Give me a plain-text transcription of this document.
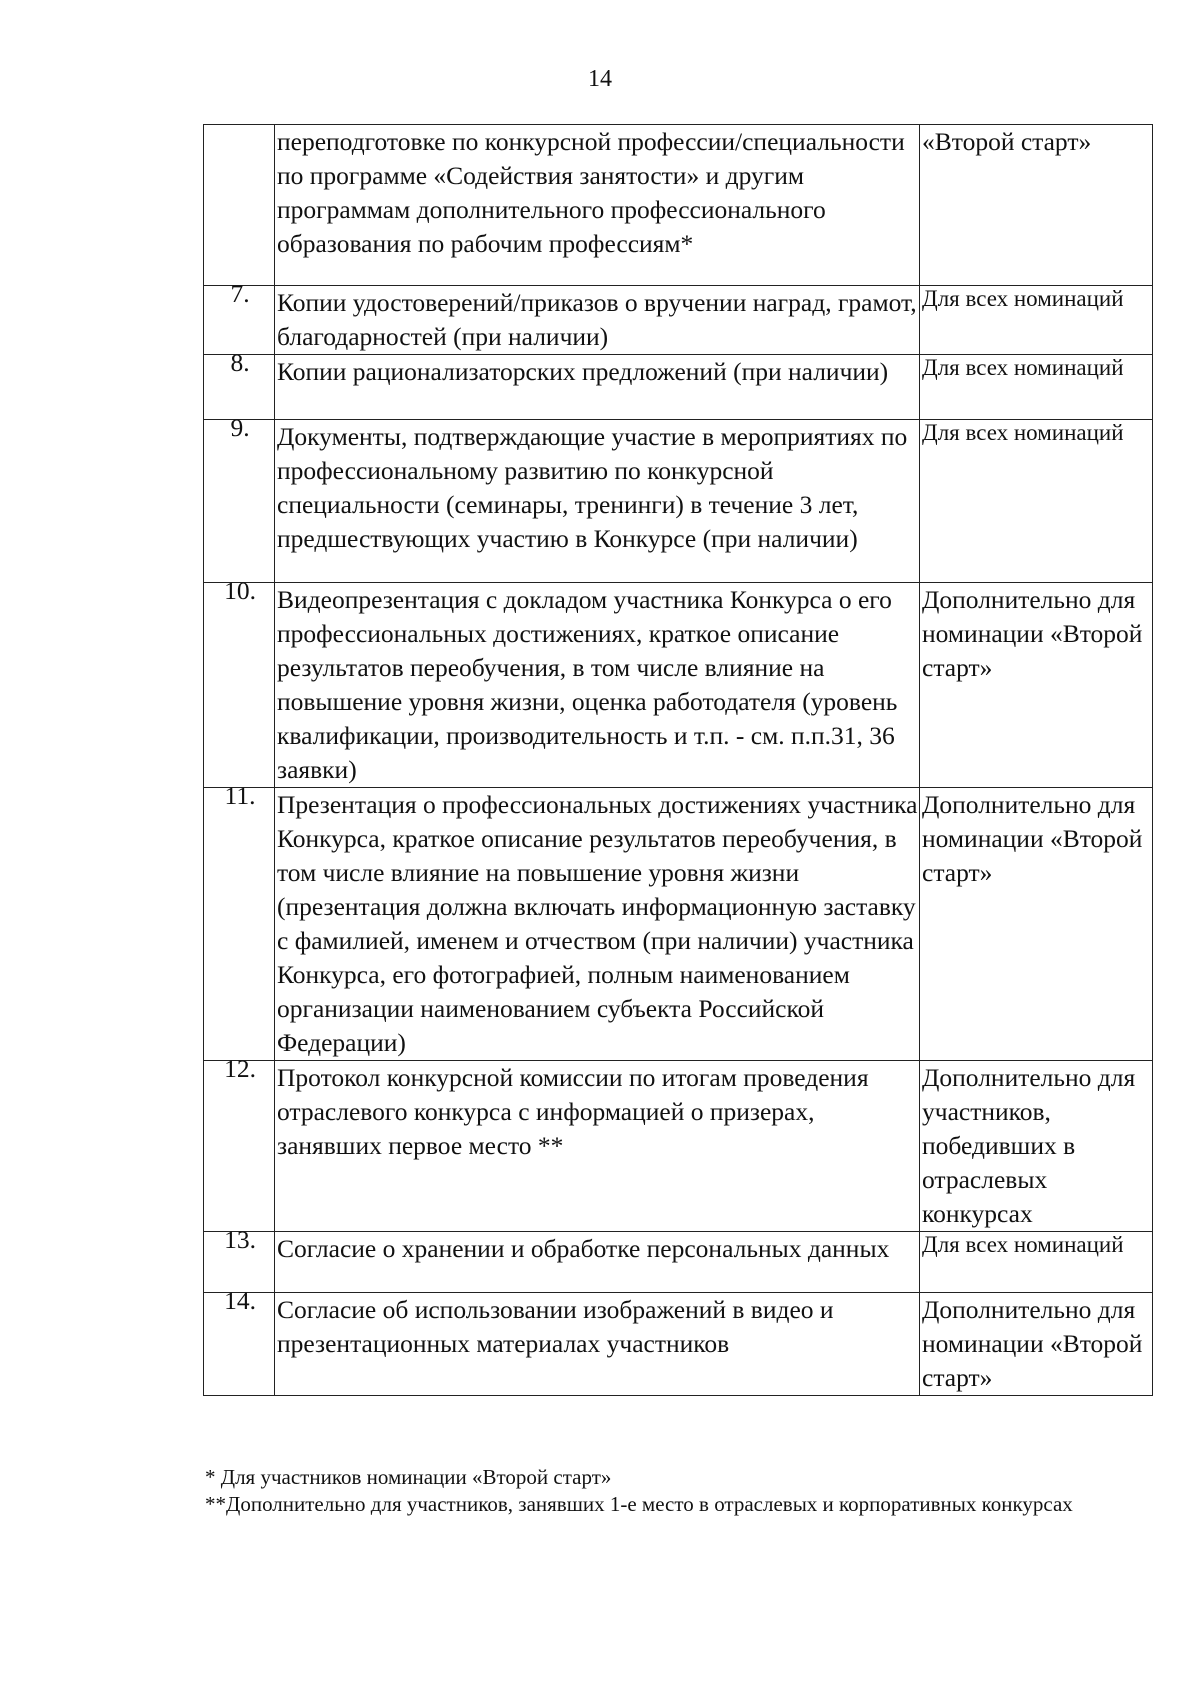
14
	переподготовке по конкурсной профессии/специальности по программе «Содействия занятости» и другим программам дополнительного профессионального образования по рабочим профессиям*	«Второй старт»

7.	Копии удостоверений/приказов о вручении наград, грамот, благодарностей (при наличии)	Для всех номинаций

8.	Копии рационализаторских предложений (при наличии)	Для всех номинаций

9.	Документы, подтверждающие участие в мероприятиях по профессиональному развитию по конкурсной специальности (семинары, тренинги) в течение 3 лет, предшествующих участию в Конкурсе (при наличии)	Для всех номинаций

10.	Видеопрезентация с докладом участника Конкурса о его профессиональных достижениях, краткое описание результатов переобучения, в том числе влияние на повышение уровня жизни, оценка работодателя (уровень квалификации, производительность и т.п. - см. п.п.31, 36 заявки)	Дополнительно для номинации «Второй старт»

11.	Презентация о профессиональных достижениях участника Конкурса, краткое описание результатов переобучения, в том числе влияние на повышение уровня жизни (презентация должна включать информационную заставку с фамилией, именем и отчеством (при наличии) участника Конкурса, его фотографией, полным наименованием организации наименованием субъекта Российской Федерации)	Дополнительно для номинации «Второй старт»

12.	Протокол конкурсной комиссии по итогам проведения отраслевого конкурса с информацией о призерах, занявших первое место **	Дополнительно для участников, победивших в отраслевых конкурсах

13.	Согласие о хранении и обработке персональных данных	Для всех номинаций

14.	Согласие об использовании изображений в видео и презентационных материалах участников	Дополнительно для номинации «Второй старт»

* Для участников номинации «Второй старт»

**Дополнительно для участников, занявших 1-е место в отраслевых и корпоративных конкурсах
